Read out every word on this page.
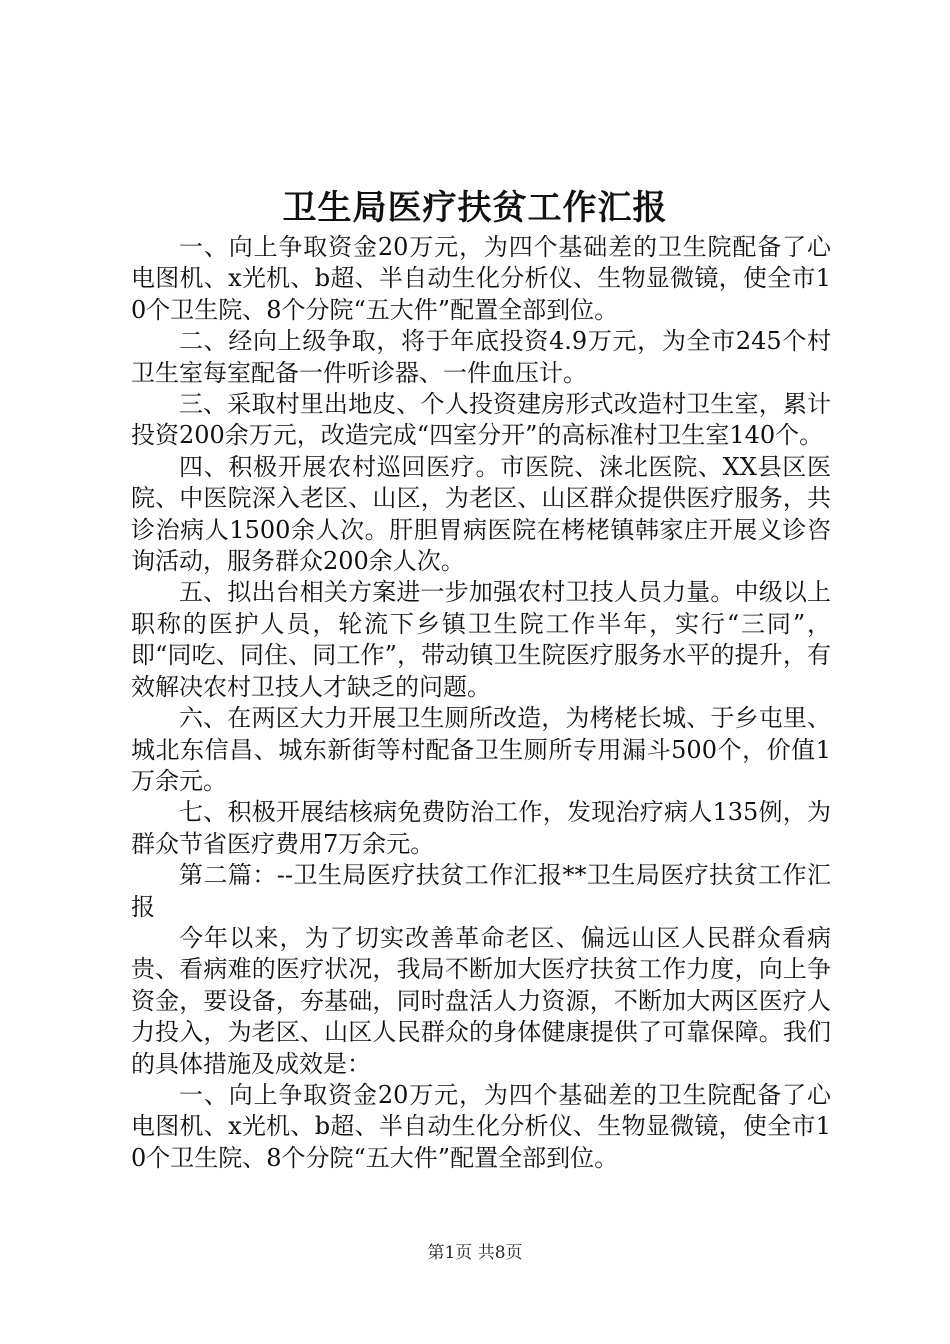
卫生局医疗扶贫工作汇报

一、向上争取资金20万元，为四个基础差的卫生院配备了心电图机、x光机、b超、半自动生化分析仪、生物显微镜，使全市10个卫生院、8个分院“五大件”配置全部到位。

二、经向上级争取，将于年底投资4.9万元，为全市245个村卫生室每室配备一件听诊器、一件血压计。

三、采取村里出地皮、个人投资建房形式改造村卫生室，累计投资200余万元，改造完成“四室分开”的高标准村卫生室140个。

四、积极开展农村巡回医疗。市医院、涞北医院、XX县区医院、中医院深入老区、山区，为老区、山区群众提供医疗服务，共诊治病人1500余人次。肝胆胃病医院在栲栳镇韩家庄开展义诊咨询活动，服务群众200余人次。

五、拟出台相关方案进一步加强农村卫技人员力量。中级以上职称的医护人员，轮流下乡镇卫生院工作半年，实行“三同”，即“同吃、同住、同工作”，带动镇卫生院医疗服务水平的提升，有效解决农村卫技人才缺乏的问题。

六、在两区大力开展卫生厕所改造，为栲栳长城、于乡屯里、城北东信昌、城东新街等村配备卫生厕所专用漏斗500个，价值1万余元。

七、积极开展结核病免费防治工作，发现治疗病人135例，为群众节省医疗费用7万余元。

第二篇：--卫生局医疗扶贫工作汇报**卫生局医疗扶贫工作汇报

今年以来，为了切实改善革命老区、偏远山区人民群众看病贵、看病难的医疗状况，我局不断加大医疗扶贫工作力度，向上争资金，要设备，夯基础，同时盘活人力资源，不断加大两区医疗人力投入，为老区、山区人民群众的身体健康提供了可靠保障。我们的具体措施及成效是：

一、向上争取资金20万元，为四个基础差的卫生院配备了心电图机、x光机、b超、半自动生化分析仪、生物显微镜，使全市10个卫生院、8个分院“五大件”配置全部到位。

第1页 共8页
